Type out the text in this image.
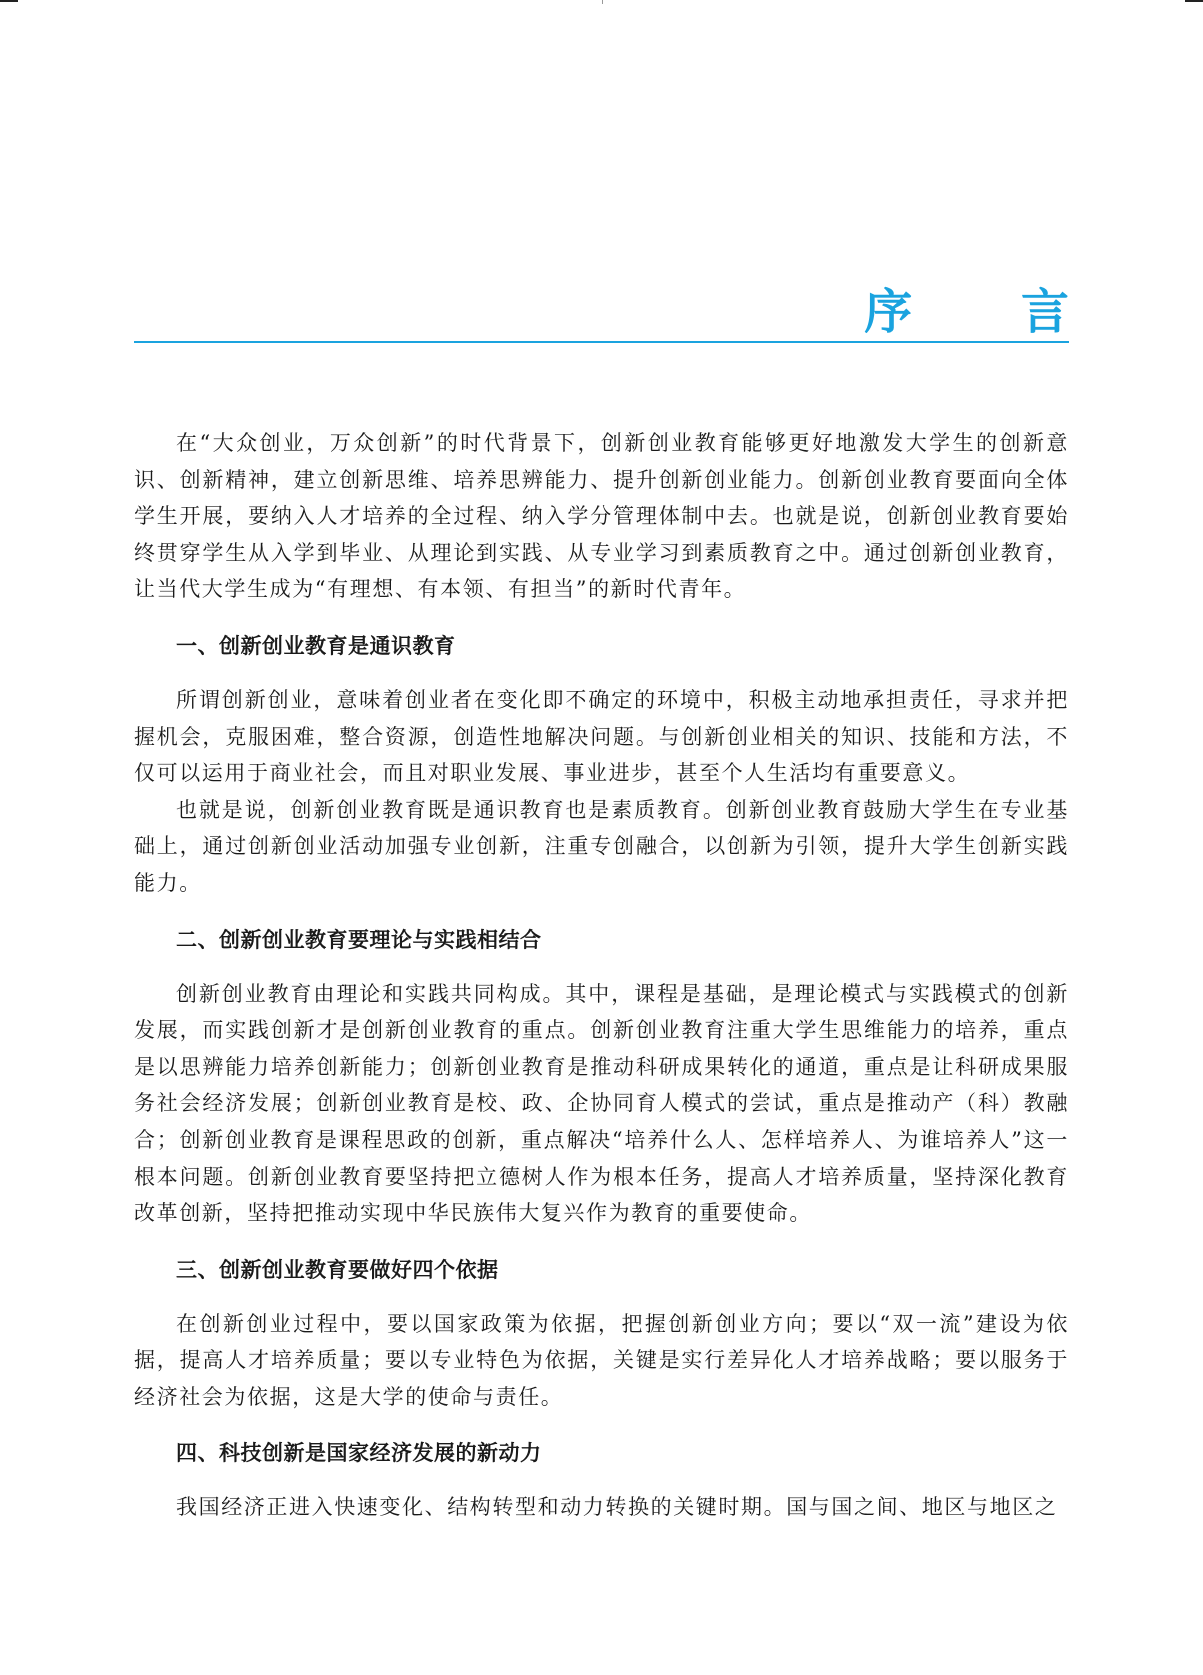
序 言

在“大众创业，万众创新”的时代背景下，创新创业教育能够更好地激发大学生的创新意识、创新精神，建立创新思维、培养思辨能力、提升创新创业能力。创新创业教育要面向全体学生开展，要纳入人才培养的全过程、纳入学分管理体制中去。也就是说，创新创业教育要始终贯穿学生从入学到毕业、从理论到实践、从专业学习到素质教育之中。通过创新创业教育，让当代大学生成为“有理想、有本领、有担当”的新时代青年。

一、创新创业教育是通识教育

所谓创新创业，意味着创业者在变化即不确定的环境中，积极主动地承担责任，寻求并把握机会，克服困难，整合资源，创造性地解决问题。与创新创业相关的知识、技能和方法，不仅可以运用于商业社会，而且对职业发展、事业进步，甚至个人生活均有重要意义。

也就是说，创新创业教育既是通识教育也是素质教育。创新创业教育鼓励大学生在专业基础上，通过创新创业活动加强专业创新，注重专创融合，以创新为引领，提升大学生创新实践能力。

二、创新创业教育要理论与实践相结合

创新创业教育由理论和实践共同构成。其中，课程是基础，是理论模式与实践模式的创新发展，而实践创新才是创新创业教育的重点。创新创业教育注重大学生思维能力的培养，重点是以思辨能力培养创新能力；创新创业教育是推动科研成果转化的通道，重点是让科研成果服务社会经济发展；创新创业教育是校、政、企协同育人模式的尝试，重点是推动产（科）教融合；创新创业教育是课程思政的创新，重点解决“培养什么人、怎样培养人、为谁培养人”这一根本问题。创新创业教育要坚持把立德树人作为根本任务，提高人才培养质量，坚持深化教育改革创新，坚持把推动实现中华民族伟大复兴作为教育的重要使命。

三、创新创业教育要做好四个依据

在创新创业过程中，要以国家政策为依据，把握创新创业方向；要以“双一流”建设为依据，提高人才培养质量；要以专业特色为依据，关键是实行差异化人才培养战略；要以服务于经济社会为依据，这是大学的使命与责任。

四、科技创新是国家经济发展的新动力

我国经济正进入快速变化、结构转型和动力转换的关键时期。国与国之间、地区与地区之
